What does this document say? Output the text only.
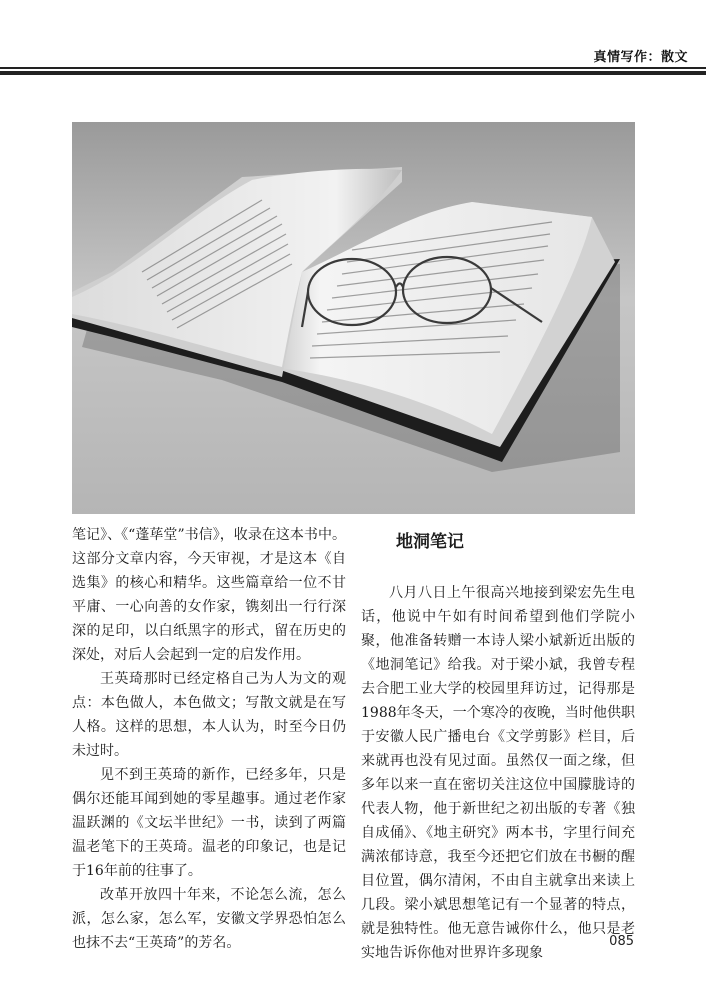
真情写作：散文

笔记》、《“蓬荜堂”书信》，收录在这本书中。这部分文章内容，今天审视，才是这本《自选集》的核心和精华。这些篇章给一位不甘平庸、一心向善的女作家，镌刻出一行行深深的足印，以白纸黑字的形式，留在历史的深处，对后人会起到一定的启发作用。

王英琦那时已经定格自己为人为文的观点：本色做人，本色做文；写散文就是在写人格。这样的思想，本人认为，时至今日仍未过时。

见不到王英琦的新作，已经多年，只是偶尔还能耳闻到她的零星趣事。通过老作家温跃渊的《文坛半世纪》一书，读到了两篇温老笔下的王英琦。温老的印象记，也是记于16年前的往事了。

改革开放四十年来，不论怎么流，怎么派，怎么家，怎么军，安徽文学界恐怕怎么也抹不去“王英琦”的芳名。

地洞笔记

八月八日上午很高兴地接到梁宏先生电话，他说中午如有时间希望到他们学院小聚，他准备转赠一本诗人梁小斌新近出版的《地洞笔记》给我。对于梁小斌，我曾专程去合肥工业大学的校园里拜访过，记得那是1988年冬天，一个寒冷的夜晚，当时他供职于安徽人民广播电台《文学剪影》栏目，后来就再也没有见过面。虽然仅一面之缘，但多年以来一直在密切关注这位中国朦胧诗的代表人物，他于新世纪之初出版的专著《独自成俑》、《地主研究》两本书，字里行间充满浓郁诗意，我至今还把它们放在书橱的醒目位置，偶尔清闲，不由自主就拿出来读上几段。梁小斌思想笔记有一个显著的特点，就是独特性。他无意告诫你什么，他只是老实地告诉你他对世界许多现象

085
